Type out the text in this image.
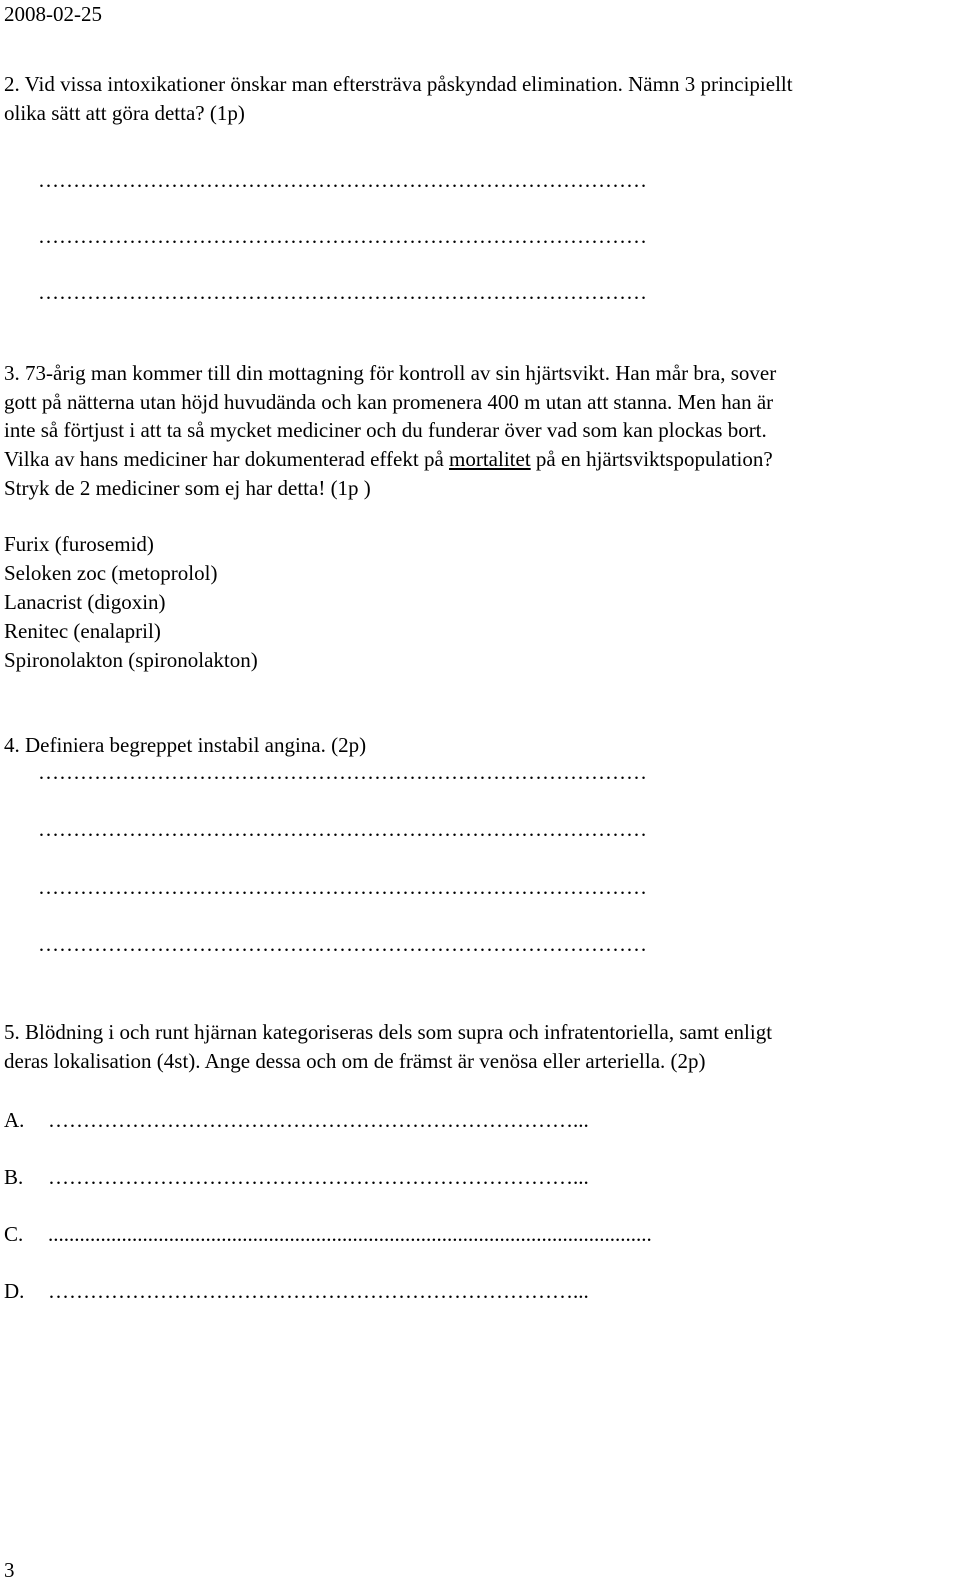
2008-02-25
2. Vid vissa intoxikationer önskar man eftersträva påskyndad elimination. Nämn 3 principiellt
olika sätt att göra detta? (1p)
……………………………………………………………………………
……………………………………………………………………………
……………………………………………………………………………
3. 73-årig man kommer till din mottagning för kontroll av sin hjärtsvikt. Han mår bra, sover
gott på nätterna utan höjd huvudända och kan promenera 400 m utan att stanna. Men han är
inte så förtjust i att ta så mycket mediciner och du funderar över vad som kan plockas bort.
Vilka av hans mediciner har dokumenterad effekt på mortalitet på en hjärtsviktspopulation?
Stryk de 2 mediciner som ej har detta! (1p )
Furix (furosemid)
Seloken zoc (metoprolol)
Lanacrist (digoxin)
Renitec (enalapril)
Spironolakton (spironolakton)
4. Definiera begreppet instabil angina. (2p)
……………………………………………………………………………
……………………………………………………………………………
……………………………………………………………………………
……………………………………………………………………………
5. Blödning i och runt hjärnan kategoriseras dels som supra och infratentoriella, samt enligt
deras lokalisation (4st). Ange dessa och om de främst är venösa eller arteriella. (2p)
A. …………………………………………………………………...
B. …………………………………………………………………...
C. ...................................................................................................................
D. …………………………………………………………………...
3
